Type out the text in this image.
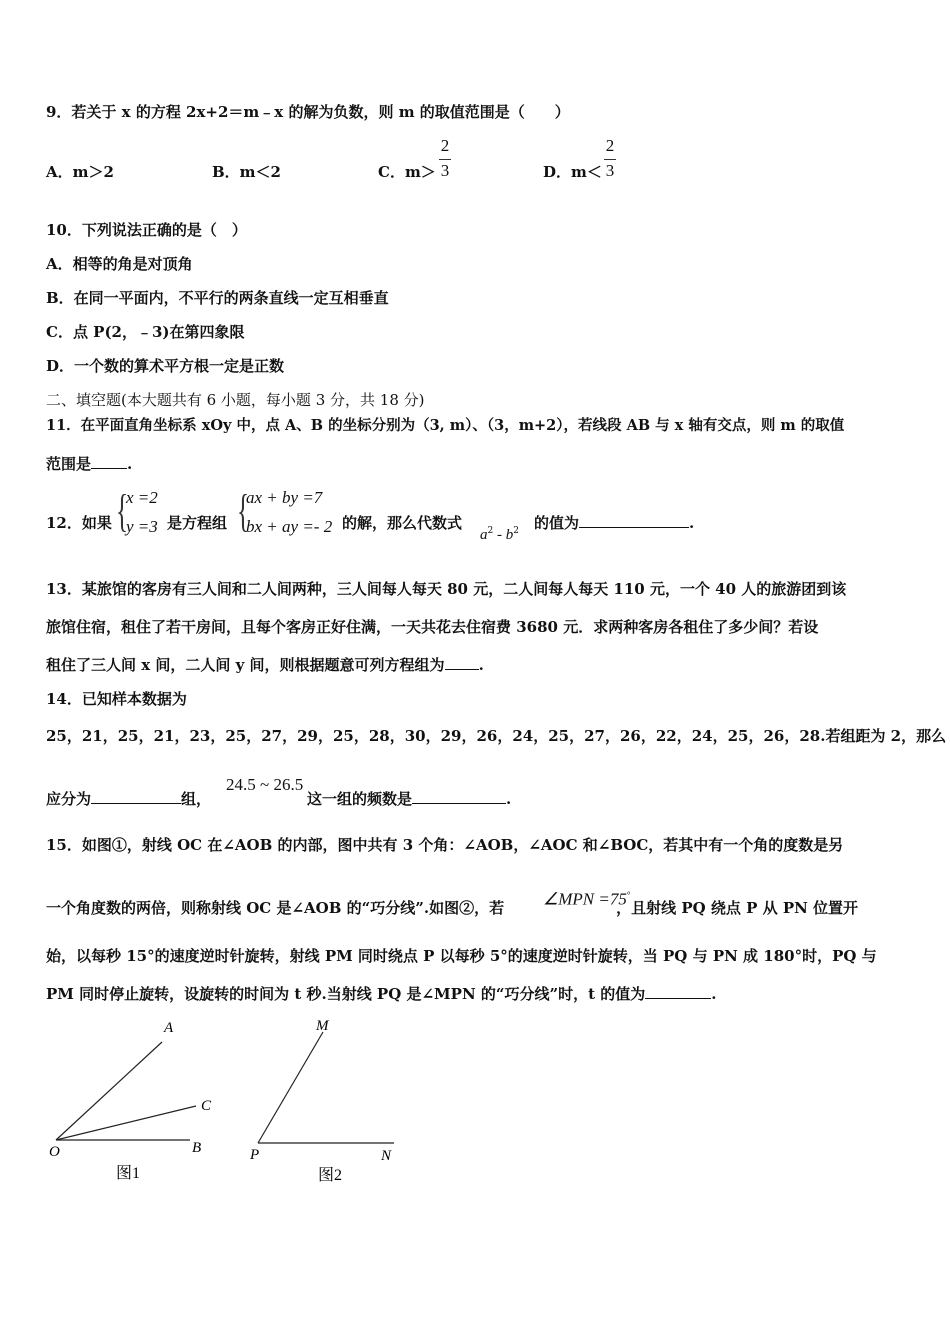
9．若关于 x 的方程 2x+2＝m﹣x 的解为负数，则 m 的取值范围是（　　）
A．m＞2	B．m＜2	C．m＞
2
3	D．m＜
2
3
10．下列说法正确的是（　）
A．相等的角是对顶角
B．在同一平面内，不平行的两条直线一定互相垂直
C．点 P(2，﹣3)在第四象限
D．一个数的算术平方根一定是正数
二、填空题(本大题共有 6 小题，每小题 3 分，共 18 分)
11．在平面直角坐标系 xOy 中，点 A、B 的坐标分别为（3, m）、（3，m+2），若线段 AB 与 x 轴有交点，则 m 的取值
范围是 .
12．如果 {
x =2
y =3 是方程组 {
ax + by =7
bx + ay =- 2 的解，那么代数式
$a^2 - b^2$ 的值为	.
13．某旅馆的客房有三人间和二人间两种，三人间每人每天 80 元，二人间每人每天 110 元，一个 40 人的旅游团到该
旅馆住宿，租住了若干房间，且每个客房正好住满，一天共花去住宿费 3680 元．求两种客房各租住了多少间？若设
租住了三人间 x 间，二人间 y 间，则根据题意可列方程组为 .
14．已知样本数据为
25，21，25，21，23，25，27，29，25，28，30，29，26，24，25，27，26，22，24，25，26，28.若组距为 2，那么
24.5 ~ 26.5
应分为	组，	这一组的频数是	.
15．如图①，射线 OC 在∠AOB 的内部，图中共有 3 个角：∠AOB，∠AOC 和∠BOC，若其中有一个角的度数是另
∠MPN =75°
一个角度数的两倍，则称射线 OC 是∠AOB 的“巧分线”.如图②，若	，且射线 PQ 绕点 P 从 PN 位置开
始，以每秒 15°的速度逆时针旋转，射线 PM 同时绕点 P 以每秒 5°的速度逆时针旋转，当 PQ 与 PN 成 180°时，PQ 与
PM 同时停止旋转，设旋转的时间为 t 秒.当射线 PQ 是∠MPN 的“巧分线”时，t 的值为	.
A
C
O	B
图1
M
P	N
图2
